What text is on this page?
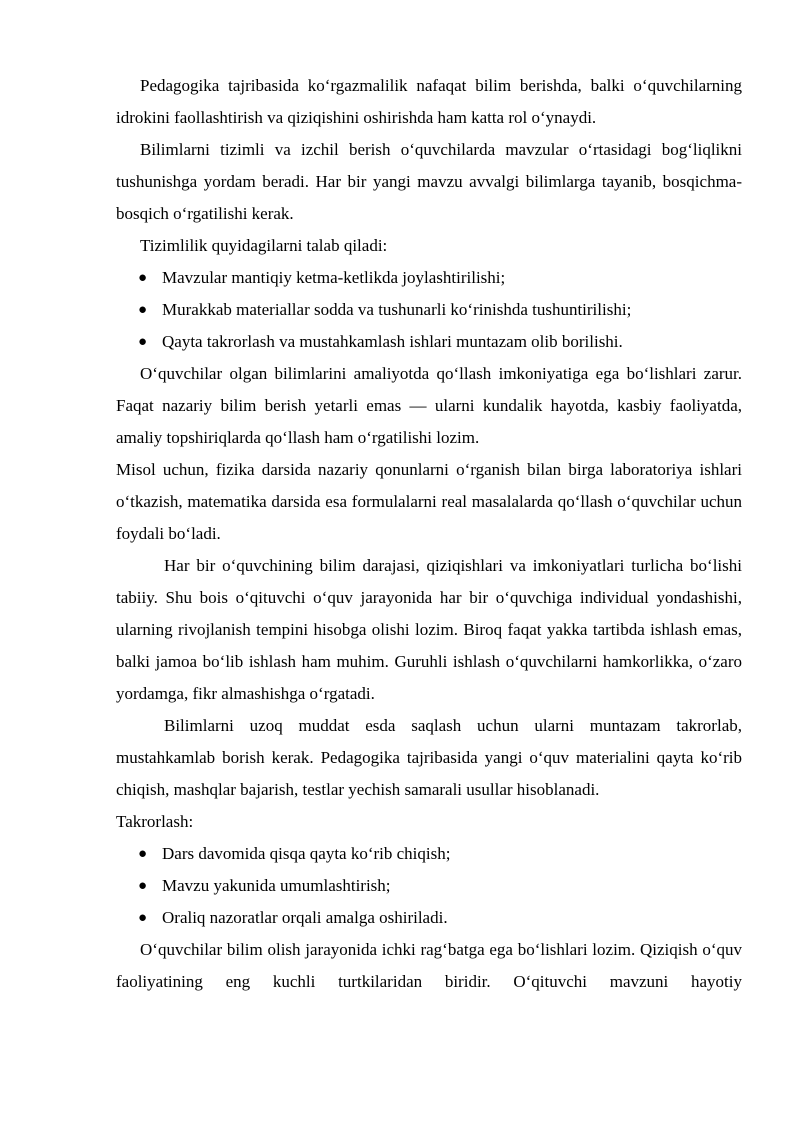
Pedagogika tajribasida koʻrgazmalilik nafaqat bilim berishda, balki oʻquvchilarning idrokini faollashtirish va qiziqishini oshirishda ham katta rol oʻynaydi.

Bilimlarni tizimli va izchil berish oʻquvchilarda mavzular oʻrtasidagi bogʻliqlikni tushunishga yordam beradi. Har bir yangi mavzu avvalgi bilimlarga tayanib, bosqichma-bosqich oʻrgatilishi kerak.

Tizimlilik quyidagilarni talab qiladi:

● Mavzular mantiqiy ketma-ketlikda joylashtirilishi;
● Murakkab materiallar sodda va tushunarli koʻrinishda tushuntirilishi;
● Qayta takrorlash va mustahkamlash ishlari muntazam olib borilishi.

Oʻquvchilar olgan bilimlarini amaliyotda qoʻllash imkoniyatiga ega boʻlishlari zarur. Faqat nazariy bilim berish yetarli emas — ularni kundalik hayotda, kasbiy faoliyatda, amaliy topshiriqlarda qoʻllash ham oʻrgatilishi lozim.

Misol uchun, fizika darsida nazariy qonunlarni oʻrganish bilan birga laboratoriya ishlari oʻtkazish, matematika darsida esa formulalarni real masalalarda qoʻllash oʻquvchilar uchun foydali boʻladi.

Har bir oʻquvchining bilim darajasi, qiziqishlari va imkoniyatlari turlicha boʻlishi tabiiy. Shu bois oʻqituvchi oʻquv jarayonida har bir oʻquvchiga individual yondashishi, ularning rivojlanish tempini hisobga olishi lozim. Biroq faqat yakka tartibda ishlash emas, balki jamoa boʻlib ishlash ham muhim. Guruhli ishlash oʻquvchilarni hamkorlikka, oʻzaro yordamga, fikr almashishga oʻrgatadi.

Bilimlarni uzoq muddat esda saqlash uchun ularni muntazam takrorlab, mustahkamlab borish kerak. Pedagogika tajribasida yangi oʻquv materialini qayta koʻrib chiqish, mashqlar bajarish, testlar yechish samarali usullar hisoblanadi.

Takrorlash:

● Dars davomida qisqa qayta koʻrib chiqish;
● Mavzu yakunida umumlashtirish;
● Oraliq nazoratlar orqali amalga oshiriladi.

Oʻquvchilar bilim olish jarayonida ichki ragʻbatga ega boʻlishlari lozim. Qiziqish oʻquv faoliyatining eng kuchli turtkilaridan biridir. Oʻqituvchi mavzuni hayotiy
